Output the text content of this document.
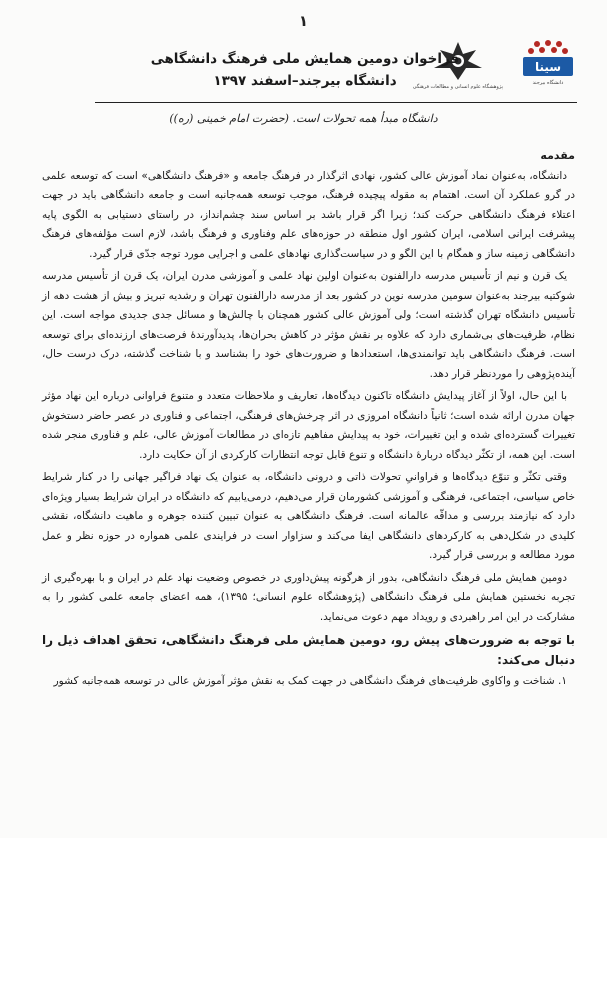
۱
سینا
دانشگاه بیرجند
پژوهشگاه علوم انسانی و مطالعات فرهنگی
فراخوان دومین همایش ملی فرهنگ دانشگاهی
دانشگاه بیرجند–اسفند ۱۳۹۷
دانشگاه مبدأ همه تحولات است. (حضرت امام خمینی (ره))
مقدمه

دانشگاه، به‌عنوان نماد آموزش عالی کشور، نهادی اثرگذار در فرهنگ جامعه و «فرهنگ دانشگاهی» است که توسعه علمی در گرو عملکرد آن است. اهتمام به مقوله پیچیده فرهنگ، موجب توسعه همه‌جانبه است و جامعه دانشگاهی باید در جهت اعتلاء فرهنگ دانشگاهی حرکت کند؛ زیرا اگر قرار باشد بر اساس سند چشم‌انداز، در راستای دستیابی به الگوی پایه پیشرفت ایرانی اسلامی، ایران کشور اول منطقه در حوزه‌های علم وفناوری و فرهنگ باشد، لازم است مؤلفه‌های فرهنگ دانشگاهی زمینه ساز و همگام با این الگو و در سیاست‌گذاری نهادهای علمی و اجرایی مورد توجه جدّی قرار گیرد.

یک قرن و نیم از تأسیس مدرسه دارالفنون به‌عنوان اولین نهاد علمی و آموزشی مدرن ایران، یک قرن از تأسیس مدرسه شوکتیه بیرجند به‌عنوان سومین مدرسه نوین در کشور بعد از مدرسه دارالفنون تهران و رشدیه تبریز و بیش از هشت دهه از تأسیس دانشگاه تهران گذشته است؛ ولی آموزش عالی کشور همچنان با چالش‌ها و مسائل جدی جدیدی مواجه است. این نظام، ظرفیت‌های بی‌شماری دارد که علاوه بر نقش مؤثر در کاهش بحران‌ها، پدیدآورندهٔ فرصت‌های ارزنده‌ای برای توسعه است. فرهنگ دانشگاهی باید توانمندی‌ها، استعدادها و ضرورت‌های خود را بشناسد و با شناخت گذشته، درک درست حال، آینده‌پژوهی را موردنظر قرار دهد.

با این حال، اولاً از آغاز پیدایش دانشگاه تاکنون دیدگاه‌ها، تعاریف و ملاحظات متعدد و متنوع فراوانی درباره این نهاد مؤثر جهان مدرن ارائه شده است؛ ثانیاً دانشگاه امروزی در اثر چرخش‌های فرهنگی، اجتماعی و فناوری در عصر حاضر دستخوش تغییرات گسترده‌ای شده و این تغییرات، خود به پیدایش مفاهیم تازه‌ای در مطالعات آموزش عالی، علم و فناوری منجر شده است. این همه، از تکثّر دیدگاه دربارهٔ دانشگاه و تنوع قابل توجه انتظارات کارکردی از آن حکایت دارد.

وقتی تکثّر و تنوّع دیدگاه‌ها و فراوانیِ تحولات ذاتی و درونی دانشگاه، به عنوان یک نهاد فراگیر جهانی را در کنار شرایط خاص سیاسی، اجتماعی، فرهنگی و آموزشی کشورمان قرار می‌دهیم، درمی‌یابیم که دانشگاه در ایران شرایط بسیار ویژه‌ای دارد که نیازمند بررسی و مداقّه عالمانه است. فرهنگ دانشگاهی به عنوان تبیین کننده جوهره و ماهیت دانشگاه، نقشی کلیدی در شکل‌دهی به کارکردهای دانشگاهی ایفا می‌کند و سزاوار است در فرایندی علمی همواره در حوزه نظر و عمل مورد مطالعه و بررسی قرار گیرد.

دومین همایش ملی فرهنگ دانشگاهی، بدور از هرگونه پیش‌داوری در خصوص وضعیت نهاد علم در ایران و با بهره‌گیری از تجربه نخستین همایش ملی فرهنگ دانشگاهی (پژوهشگاه علوم انسانی؛ ۱۳۹۵)، همه اعضای جامعه علمی کشور را به مشارکت در این امر راهبردی و رویداد مهم دعوت می‌نماید.

با توجه به ضرورت‌های پیش رو، دومین همایش ملی فرهنگ دانشگاهی، تحقق اهداف ذیل را دنبال می‌کند:

۱. شناخت و واکاوی ظرفیت‌های فرهنگ دانشگاهی در جهت کمک به نقش مؤثر آموزش عالی در توسعه همه‌جانبه کشور
